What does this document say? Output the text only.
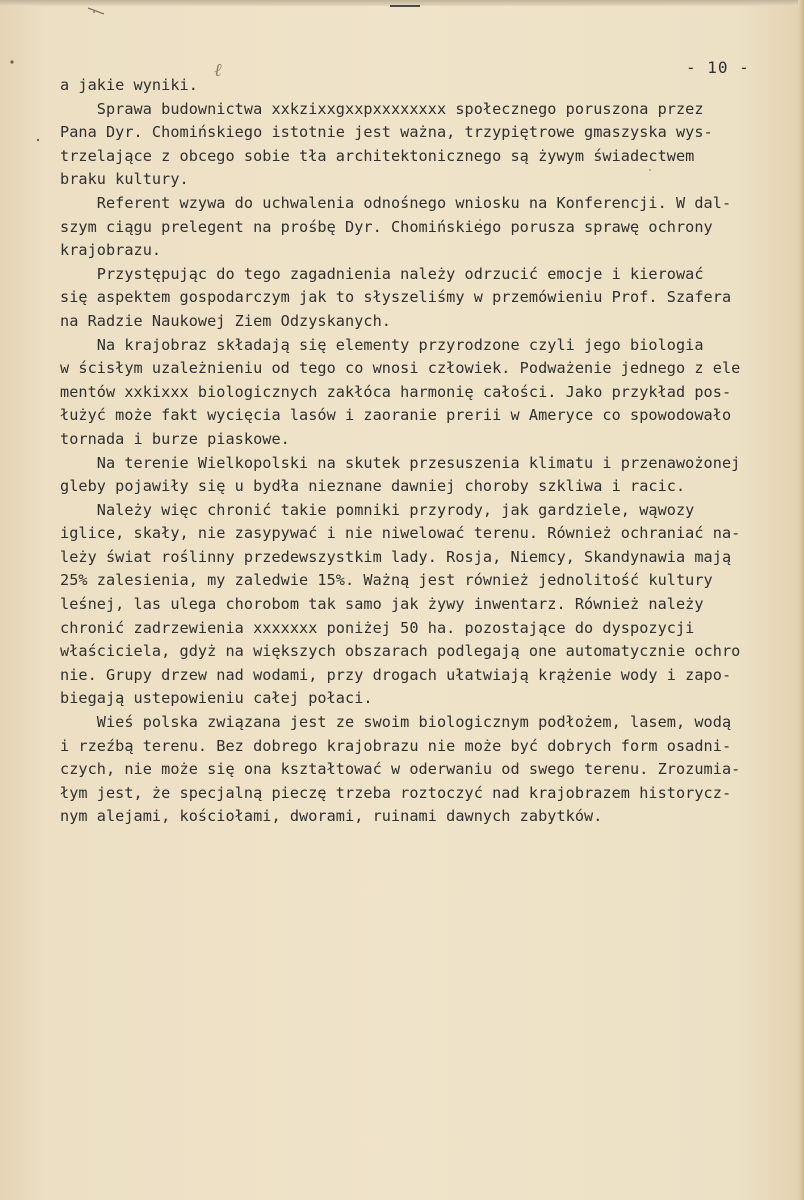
ℓ	- 10 -
a jakie wyniki.
Sprawa budownictwa xxkzixxgxxpxxxxxxxx społecznego poruszona przez
Pana Dyr. Chomińskiego istotnie jest ważna, trzypiętrowe gmaszyska wys-
trzelające z obcego sobie tła architektonicznego są żywym świadectwem
braku kultury.
Referent wzywa do uchwalenia odnośnego wniosku na Konferencji. W dal-
szym ciągu prelegent na prośbę Dyr. Chomińskiego porusza sprawę ochrony
krajobrazu.
Przystępując do tego zagadnienia należy odrzucić emocje i kierować
się aspektem gospodarczym jak to słyszeliśmy w przemówieniu Prof. Szafera
na Radzie Naukowej Ziem Odzyskanych.
Na krajobraz składają się elementy przyrodzone czyli jego biologia
w ścisłym uzależnieniu od tego co wnosi człowiek. Podważenie jednego z ele
mentów xxkixxx biologicznych zakłóca harmonię całości. Jako przykład pos-
łużyć może fakt wycięcia lasów i zaoranie prerii w Ameryce co spowodowało
tornada i burze piaskowe.
Na terenie Wielkopolski na skutek przesuszenia klimatu i przenawożonej
gleby pojawiły się u bydła nieznane dawniej choroby szkliwa i racic.
Należy więc chronić takie pomniki przyrody, jak gardziele, wąwozy
iglice, skały, nie zasypywać i nie niwelować terenu. Również ochraniać na-
leży świat roślinny przedewszystkim lady. Rosja, Niemcy, Skandynawia mają
25% zalesienia, my zaledwie 15%. Ważną jest również jednolitość kultury
leśnej, las ulega chorobom tak samo jak żywy inwentarz. Również należy
chronić zadrzewienia xxxxxxx poniżej 50 ha. pozostające do dyspozycji
właściciela, gdyż na większych obszarach podlegają one automatycznie ochro
nie. Grupy drzew nad wodami, przy drogach ułatwiają krążenie wody i zapo-
biegają ustepowieniu całej połaci.
Wieś polska związana jest ze swoim biologicznym podłożem, lasem, wodą
i rzeźbą terenu. Bez dobrego krajobrazu nie może być dobrych form osadni-
czych, nie może się ona kształtować w oderwaniu od swego terenu. Zrozumia-
łym jest, że specjalną pieczę trzeba roztoczyć nad krajobrazem historycz-
nym alejami, kościołami, dworami, ruinami dawnych zabytków.
